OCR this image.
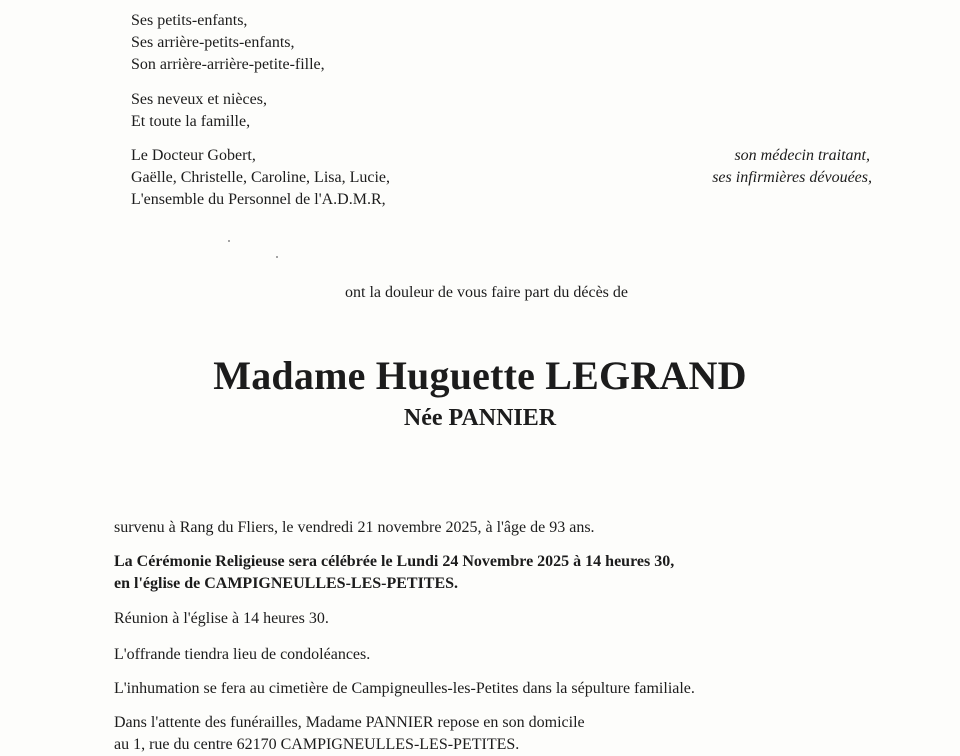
Ses petits-enfants,
Ses arrière-petits-enfants,
Son arrière-arrière-petite-fille,
Ses neveux et nièces,
Et toute la famille,
Le Docteur Gobert,
Gaëlle, Christelle, Caroline, Lisa, Lucie,
L'ensemble du Personnel de l'A.D.M.R,
son médecin traitant,
ses infirmières dévouées,
ont la douleur de vous faire part du décès de
Madame Huguette LEGRAND
Née PANNIER
survenu à Rang du Fliers, le vendredi 21 novembre 2025, à l'âge de 93 ans.
La Cérémonie Religieuse sera célébrée le Lundi 24 Novembre 2025 à 14 heures 30,
en l'église de CAMPIGNEULLES-LES-PETITES.
Réunion à l'église à 14 heures 30.
L'offrande tiendra lieu de condoléances.
L'inhumation se fera au cimetière de Campigneulles-les-Petites dans la sépulture familiale.
Dans l'attente des funérailles, Madame PANNIER repose en son domicile
au 1, rue du centre 62170 CAMPIGNEULLES-LES-PETITES.
